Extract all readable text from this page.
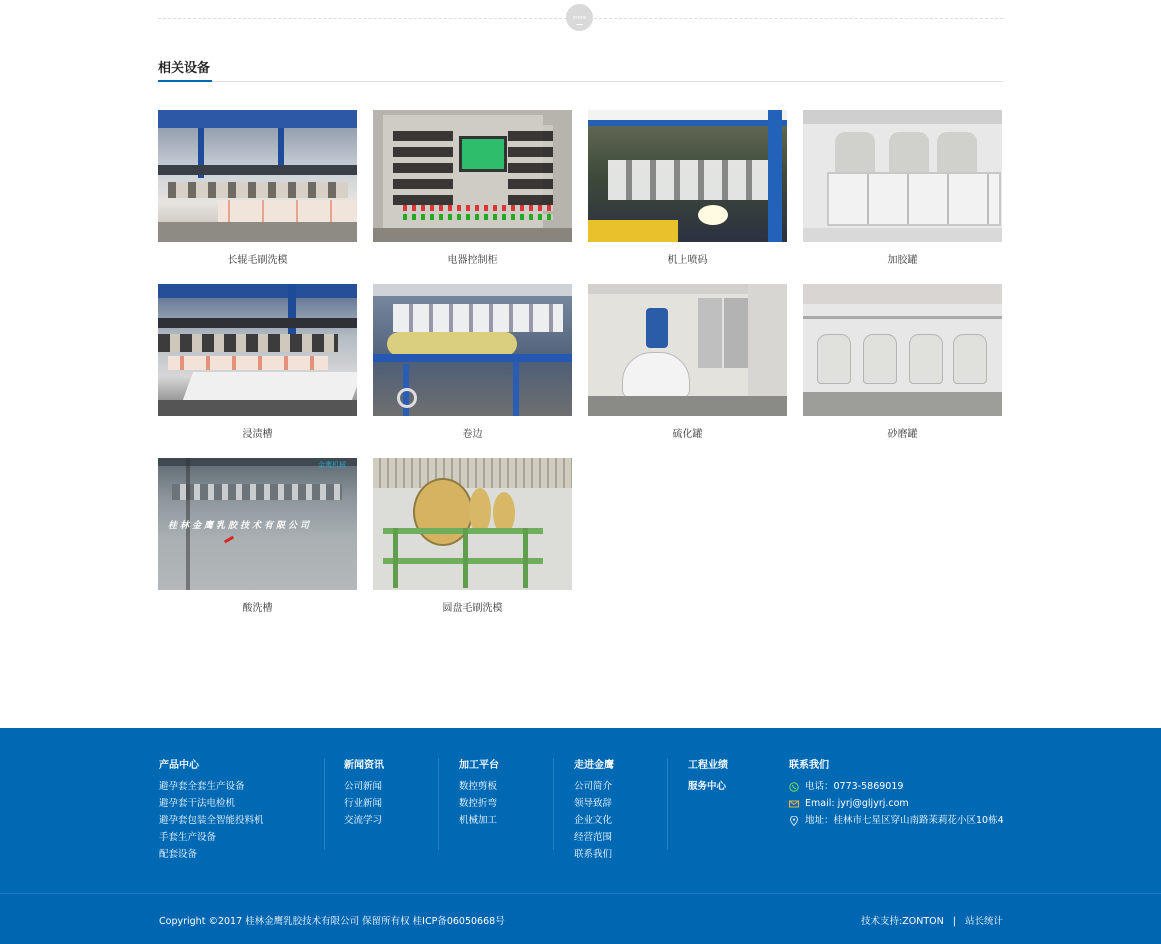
more
相关设备
长辊毛刷洗模	电器控制柜	机上喷码	加胶罐
浸渍槽	卷边	硫化罐	砂磨罐
金鹰机械
桂林金鹰乳胶技术有限公司
酸洗槽	圆盘毛刷洗模
产品中心
避孕套全套生产设备
避孕套干法电检机
避孕套包装全智能投料机
手套生产设备
配套设备
新闻资讯
公司新闻
行业新闻
交流学习
加工平台
数控剪板
数控折弯
机械加工
走进金鹰
公司简介
领导致辞
企业文化
经营范围
联系我们
工程业绩
服务中心
联系我们
电话：0773-5869019
Email: jyrj@gljyrj.com
地址：桂林市七星区穿山南路茉莉花小区10栋4
Copyright ©2017 桂林金鹰乳胶技术有限公司 保留所有权 桂ICP备06050668号	技术支持:ZONTON | 站长统计
